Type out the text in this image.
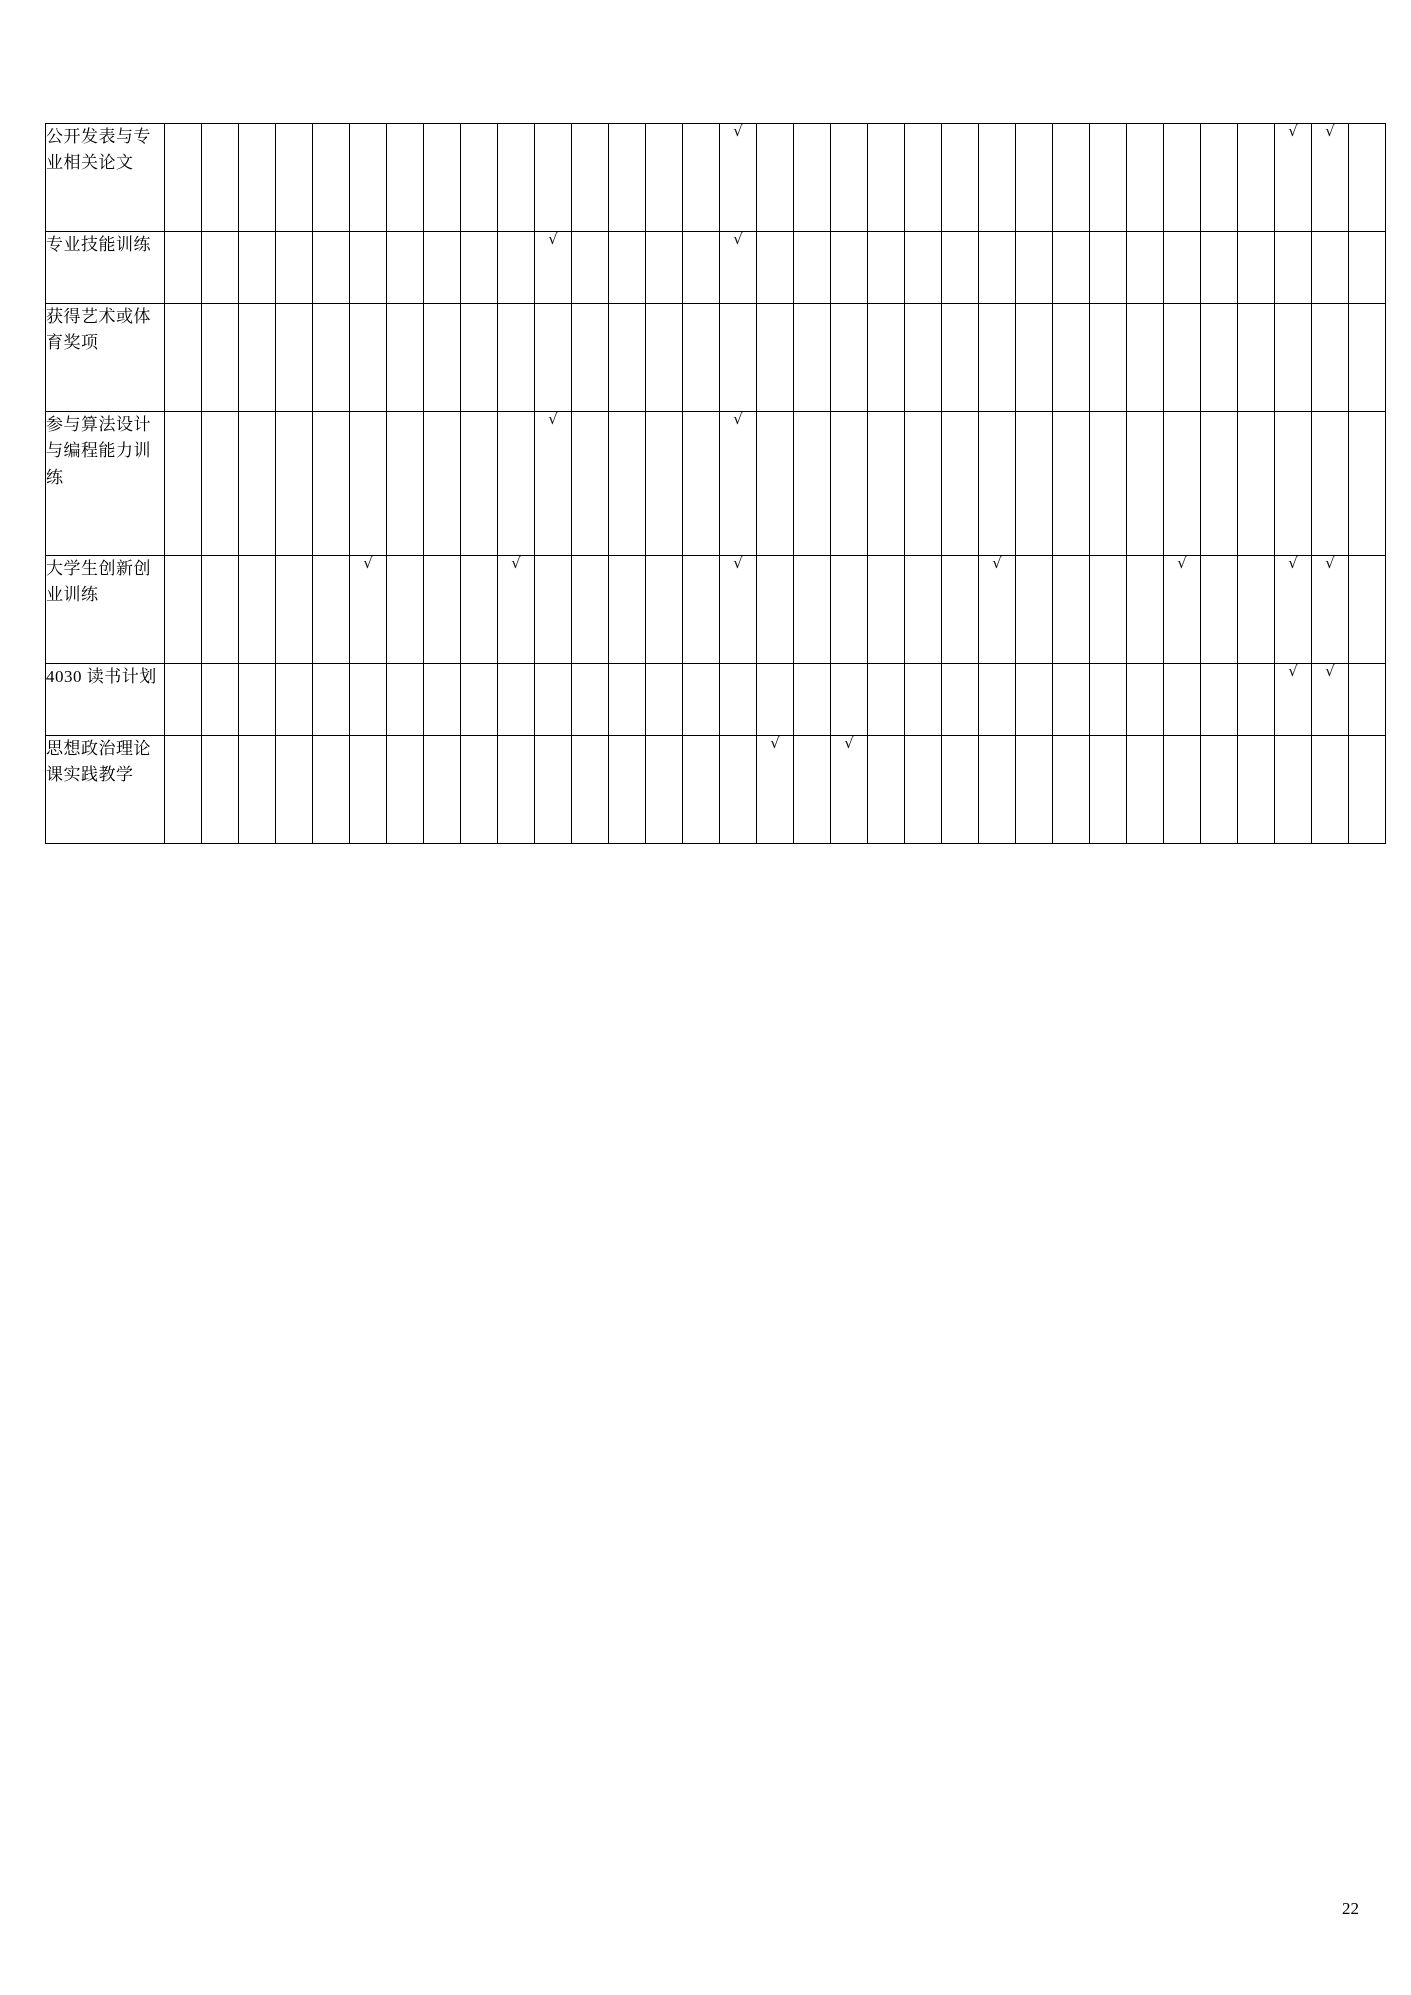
公开发表与专业相关论文																√															√	√	

专业技能训练											√					√																	

获得艺术或体育奖项																																	
参与算法设计与编程能力训练											√					√																	

大学生创新创业训练						√				√						√							√					√			√	√	

4030 读书计划																															√	√	

思想政治理论课实践教学																	√		√														

22
